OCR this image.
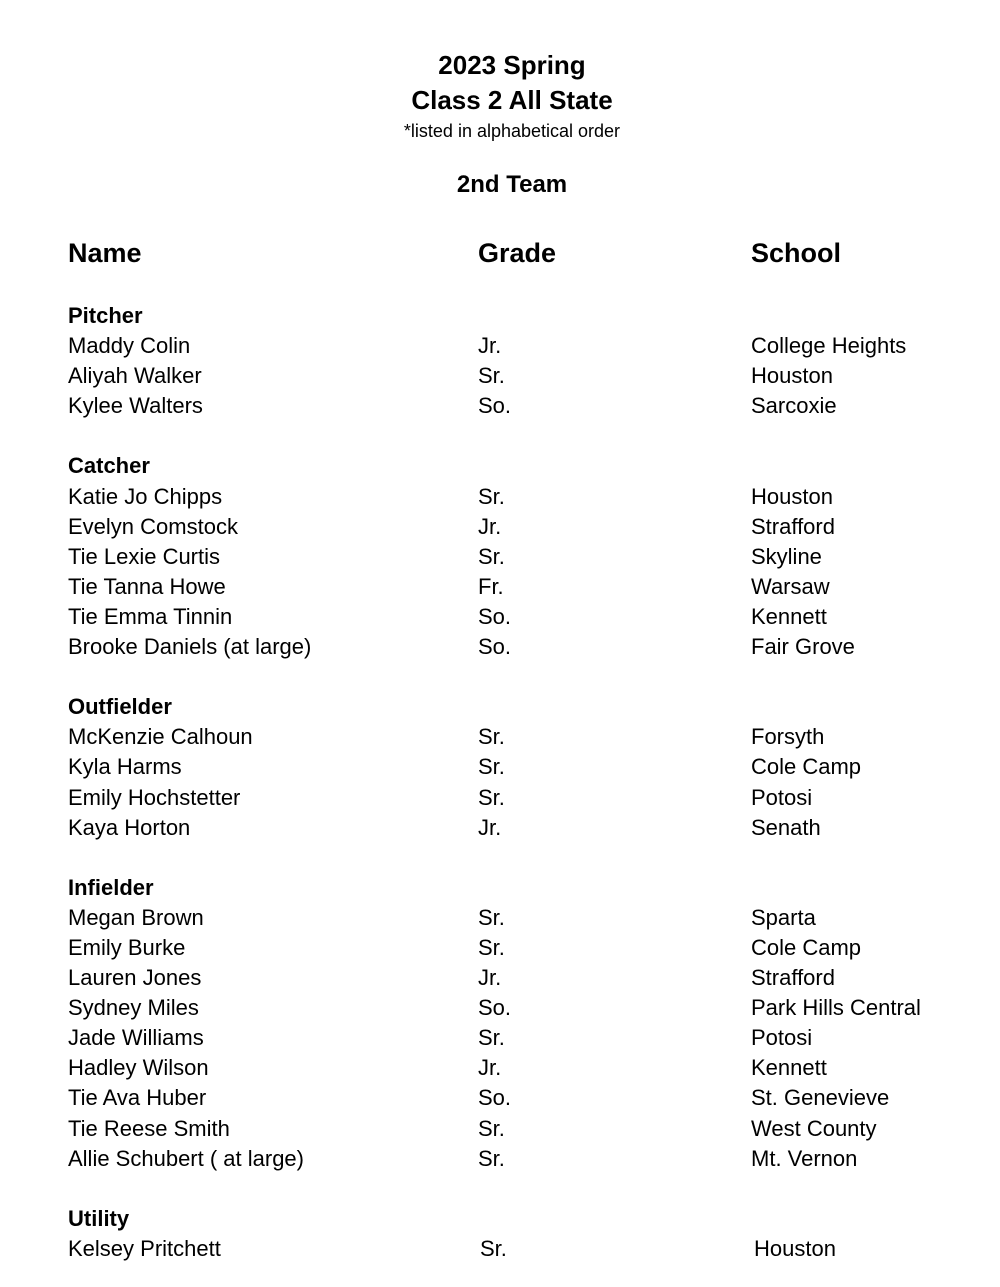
2023 Spring
Class 2 All State
*listed in alphabetical order
2nd Team
Name	Grade	School
Pitcher
Maddy Colin	Jr.	College Heights
Aliyah Walker	Sr.	Houston
Kylee Walters	So.	Sarcoxie
Catcher
Katie Jo Chipps	Sr.	Houston
Evelyn Comstock	Jr.	Strafford
Tie Lexie Curtis	Sr.	Skyline
Tie Tanna Howe	Fr.	Warsaw
Tie Emma Tinnin	So.	Kennett
Brooke Daniels (at large)	So.	Fair Grove
Outfielder
McKenzie Calhoun	Sr.	Forsyth
Kyla Harms	Sr.	Cole Camp
Emily Hochstetter	Sr.	Potosi
Kaya Horton	Jr.	Senath
Infielder
Megan Brown	Sr.	Sparta
Emily Burke	Sr.	Cole Camp
Lauren Jones	Jr.	Strafford
Sydney Miles	So.	Park Hills Central
Jade Williams	Sr.	Potosi
Hadley Wilson	Jr.	Kennett
Tie Ava Huber	So.	St. Genevieve
Tie Reese Smith	Sr.	West County
Allie Schubert ( at large)	Sr.	Mt. Vernon
Utility
Kelsey Pritchett	Sr.	Houston
